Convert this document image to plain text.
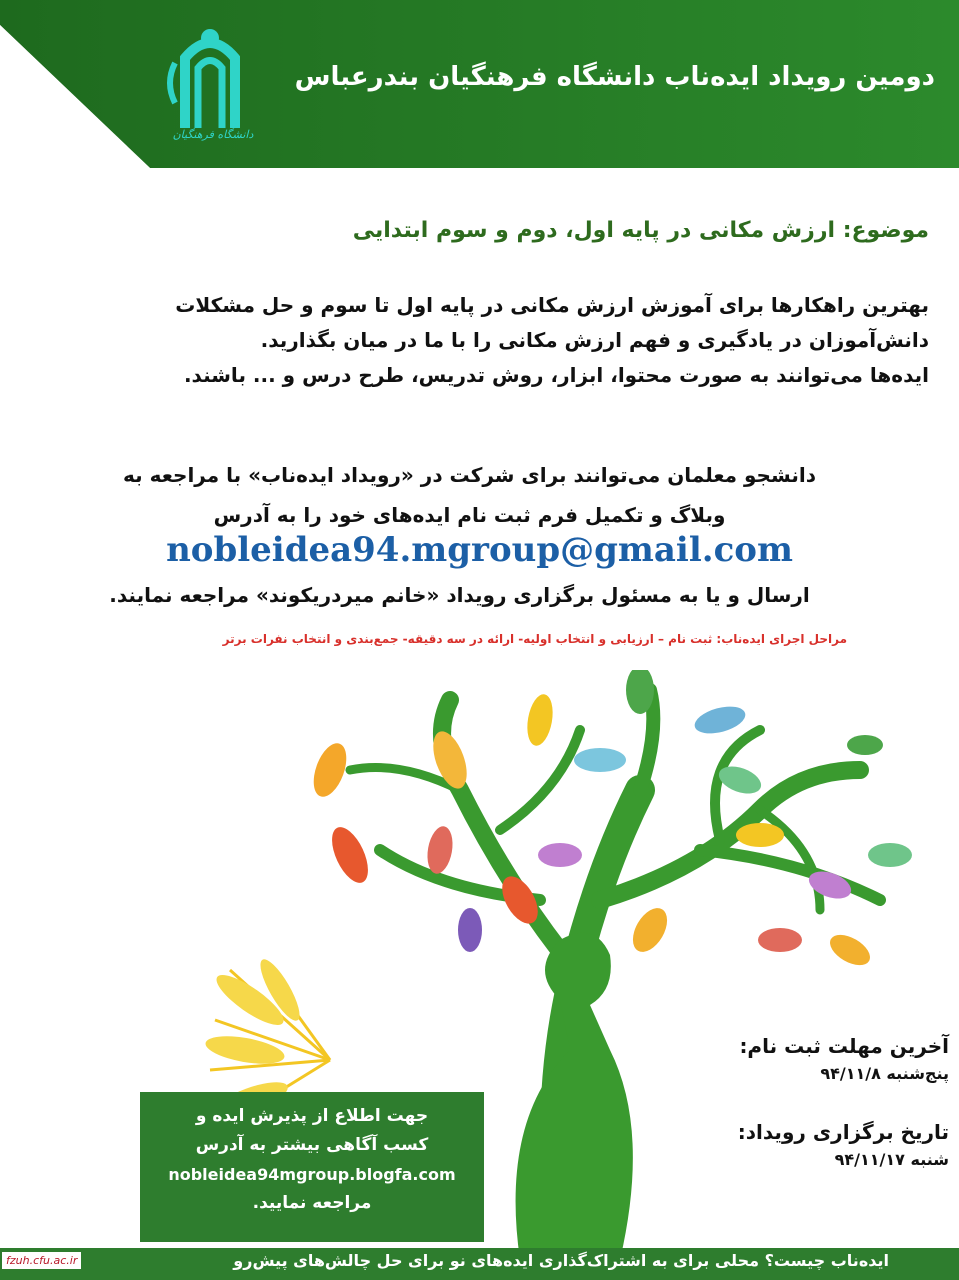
دانشگاه فرهنگیان
دومین رویداد ایده‌ناب دانشگاه فرهنگیان بندرعباس
موضوع: ارزش مکانی در پایه اول، دوم و سوم ابتدایی
بهترین راهکارها برای آموزش ارزش مکانی در پایه اول تا سوم و حل مشکلات
دانش‌آموزان در یادگیری و فهم ارزش مکانی را با ما در میان بگذارید.
ایده‌ها می‌توانند به صورت محتوا، ابزار، روش تدریس، طرح درس و ... باشند.
دانشجو معلمان می‌توانند برای شرکت در «رویداد ایده‌ناب» با مراجعه به
وبلاگ و تکمیل فرم ثبت نام ایده‌های خود را به آدرس
nobleidea94.mgroup@gmail.com
ارسال و یا به مسئول برگزاری رویداد «خانم میردریکوند» مراجعه نمایند.
مراحل اجرای ایده‌ناب: ثبت نام – ارزیابی و انتخاب اولیه- ارائه در سه دقیقه- جمع‌بندی و انتخاب نفرات برتر
آخرین مهلت ثبت نام:
پنج‌شنبه ۹۴/۱۱/۸
تاریخ برگزاری رویداد:
شنبه ۹۴/۱۱/۱۷
جهت اطلاع از پذیرش ایده و
کسب آگاهی بیشتر به آدرس
nobleidea94mgroup.blogfa.com
مراجعه نمایید.
ایده‌ناب چیست؟ محلی برای به اشتراک‌گذاری ایده‌های نو برای حل چالش‌های پیش‌رو
fzuh.cfu.ac.ir
